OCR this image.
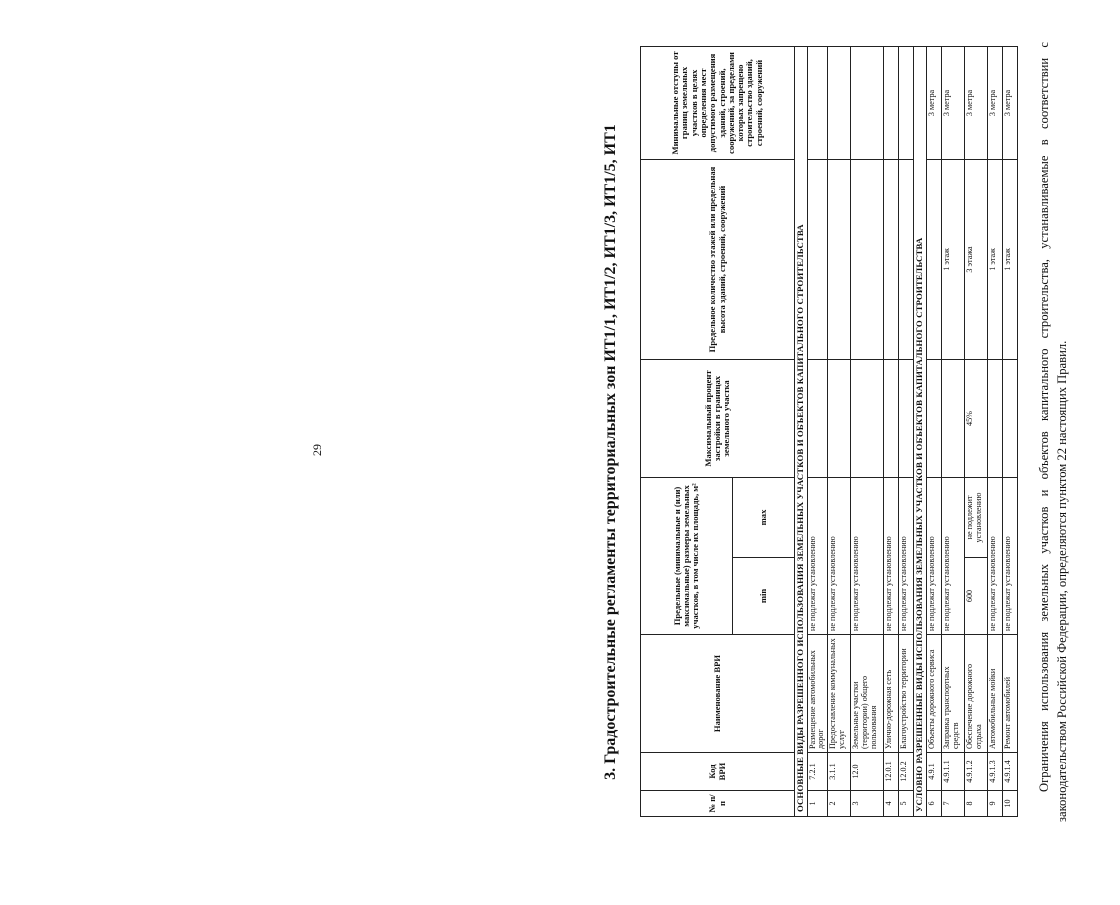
29	3. Градостроительные регламенты территориальных зон ИТ1/1, ИТ1/2, ИТ1/3, ИТ1/5, ИТ1
№ п/п	Код ВРИ	Наименование ВРИ	Предельные (минимальные и (или) максимальные) размеры земельных участков, в том числе их площадь, м²		Максимальный процент застройки в границах земельного участка	Предельное количество этажей или предельная высота зданий, строений, сооружений	Минимальные отступы от границ земельных участков в целях определения мест допустимого размещения зданий, строений, сооружений, за пределами которых запрещено строительство зданий, строений, сооружений
			min	max			
ОСНОВНЫЕ ВИДЫ РАЗРЕШЕННОГО ИСПОЛЬЗОВАНИЯ ЗЕМЕЛЬНЫХ УЧАСТКОВ И ОБЪЕКТОВ КАПИТАЛЬНОГО СТРОИТЕЛЬСТВА							
1	7.2.1	Размещение автомобильных дорог	не подлежат установлению				
2	3.1.1	Предоставление коммунальных услуг	не подлежат установлению				
3	12.0	Земельные участки (территории) общего пользования	не подлежат установлению				
4	12.0.1	Улично-дорожная сеть	не подлежат установлению				
5	12.0.2	Благоустройство территории	не подлежат установлению				
УСЛОВНО РАЗРЕШЕННЫЕ ВИДЫ ИСПОЛЬЗОВАНИЯ ЗЕМЕЛЬНЫХ УЧАСТКОВ И ОБЪЕКТОВ КАПИТАЛЬНОГО СТРОИТЕЛЬСТВА							
6	4.9.1	Объекты дорожного сервиса	не подлежат установлению				3 метра
7	4.9.1.1	Заправка транспортных средств	не подлежат установлению			1 этаж	3 метра
8	4.9.1.2	Обеспечение дорожного отдыха	600	не подлежит установлению	45%	3 этажа	3 метра
9	4.9.1.3	Автомобильные мойки	не подлежат установлению			1 этаж	3 метра
10	4.9.1.4	Ремонт автомобилей	не подлежат установлению			1 этаж	3 метра Ограничения использования земельных участков и объектов капитального строительства, устанавливаемые в соответствии с законодательством Российской Федерации, определяются пунктом 22 настоящих Правил.
